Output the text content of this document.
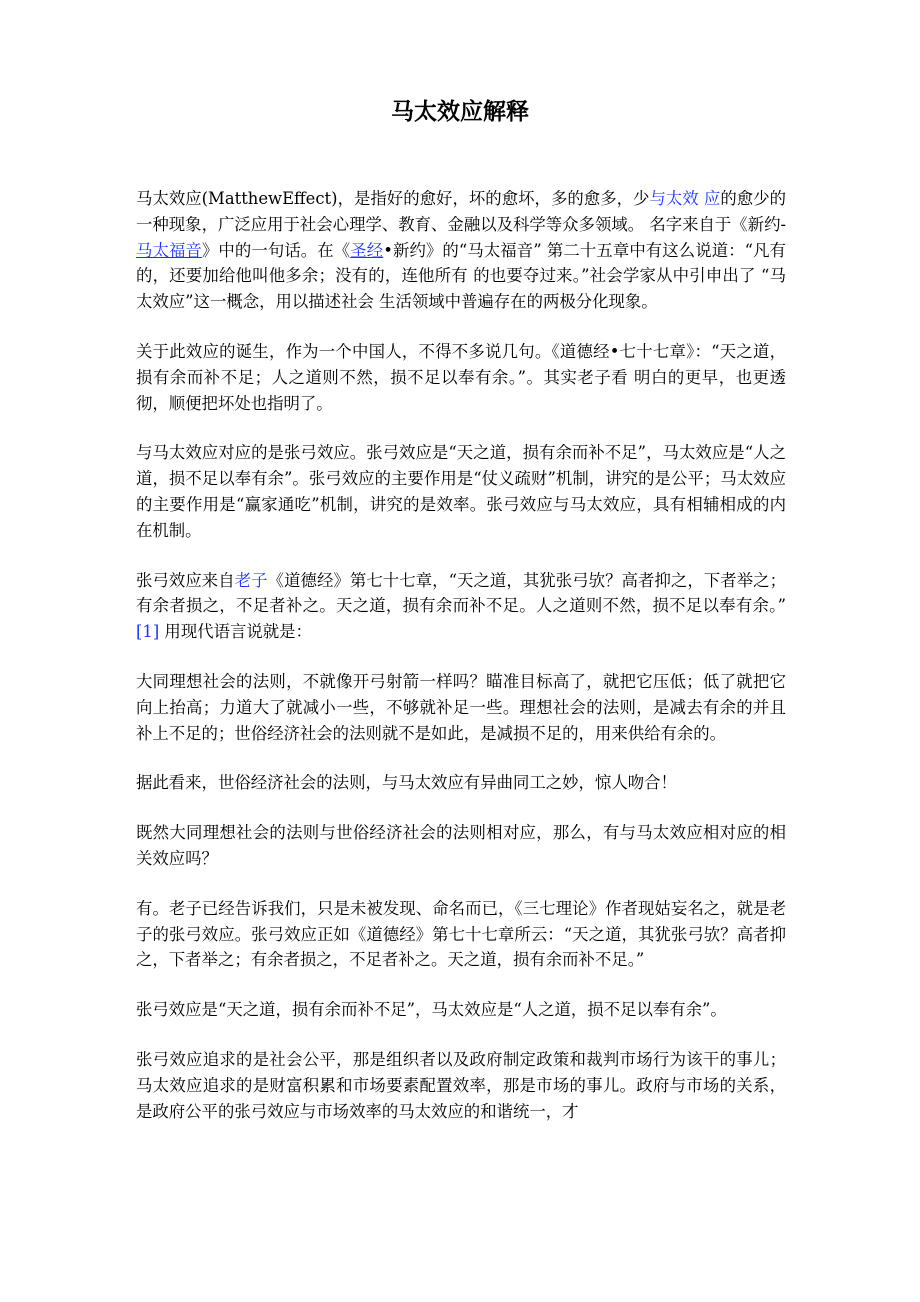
马太效应解释

马太效应(MatthewEffect)，是指好的愈好，坏的愈坏，多的愈多，少与太效 应的愈少的一种现象，广泛应用于社会心理学、教育、金融以及科学等众多领域。 名字来自于《新约-马太福音》中的一句话。在《圣经•新约》的“马太福音” 第二十五章中有这么说道：“凡有的，还要加给他叫他多余；没有的，连他所有 的也要夺过来。”社会学家从中引申出了 “马太效应”这一概念，用以描述社会 生活领域中普遍存在的两极分化现象。

关于此效应的诞生，作为一个中国人，不得不多说几句。《道德经•七十七章》：“天之道，损有余而补不足；人之道则不然，损不足以奉有余。”。其实老子看 明白的更早，也更透彻，顺便把坏处也指明了。

与马太效应对应的是张弓效应。张弓效应是“天之道，损有余而补不足”，马太效应是“人之道，损不足以奉有余”。张弓效应的主要作用是“仗义疏财”机制，讲究的是公平；马太效应的主要作用是“赢家通吃”机制，讲究的是效率。张弓效应与马太效应，具有相辅相成的内在机制。

张弓效应来自老子《道德经》第七十七章，“天之道，其犹张弓欤？高者抑之，下者举之；有余者损之，不足者补之。天之道，损有余而补不足。人之道则不然，损不足以奉有余。” [1] 用现代语言说就是：

大同理想社会的法则，不就像开弓射箭一样吗？瞄准目标高了，就把它压低；低了就把它向上抬高；力道大了就减小一些，不够就补足一些。理想社会的法则，是减去有余的并且补上不足的；世俗经济社会的法则就不是如此，是减损不足的，用来供给有余的。

据此看来，世俗经济社会的法则，与马太效应有异曲同工之妙，惊人吻合！

既然大同理想社会的法则与世俗经济社会的法则相对应，那么，有与马太效应相对应的相关效应吗？

有。老子已经告诉我们，只是未被发现、命名而已，《三七理论》作者现姑妄名之，就是老子的张弓效应。张弓效应正如《道德经》第七十七章所云：“天之道，其犹张弓欤？高者抑之，下者举之；有余者损之，不足者补之。天之道，损有余而补不足。”

张弓效应是“天之道，损有余而补不足”，马太效应是“人之道，损不足以奉有余”。

张弓效应追求的是社会公平，那是组织者以及政府制定政策和裁判市场行为该干的事儿；马太效应追求的是财富积累和市场要素配置效率，那是市场的事儿。政府与市场的关系，是政府公平的张弓效应与市场效率的马太效应的和谐统一，才
